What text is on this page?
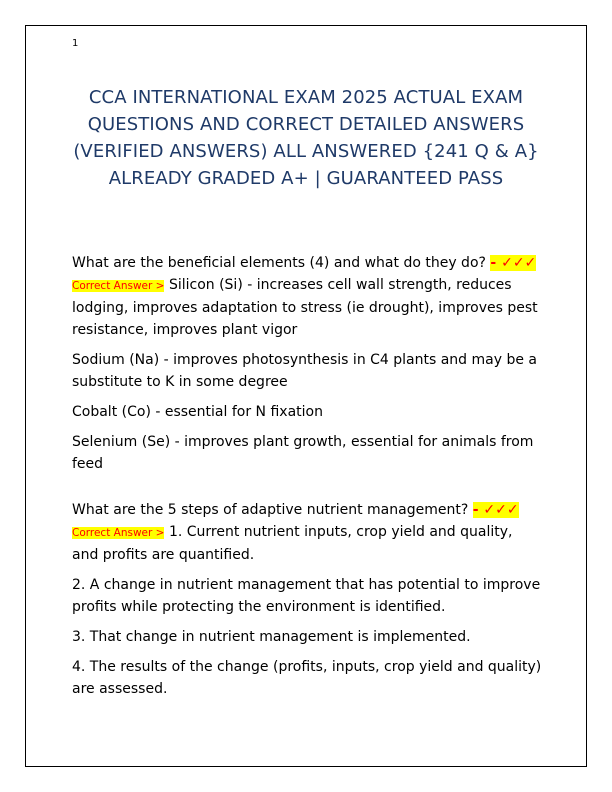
1
CCA INTERNATIONAL EXAM 2025 ACTUAL EXAM QUESTIONS AND CORRECT DETAILED ANSWERS (VERIFIED ANSWERS) ALL ANSWERED {241 Q & A} ALREADY GRADED A+ | GUARANTEED PASS

What are the beneficial elements (4) and what do they do? - ✓✓✓ Correct Answer > Silicon (Si) - increases cell wall strength, reduces lodging, improves adaptation to stress (ie drought), improves pest resistance, improves plant vigor

Sodium (Na) - improves photosynthesis in C4 plants and may be a substitute to K in some degree

Cobalt (Co) - essential for N fixation

Selenium (Se) - improves plant growth, essential for animals from feed

What are the 5 steps of adaptive nutrient management? - ✓✓✓ Correct Answer > 1. Current nutrient inputs, crop yield and quality, and profits are quantified.

2. A change in nutrient management that has potential to improve profits while protecting the environment is identified.

3. That change in nutrient management is implemented.

4. The results of the change (profits, inputs, crop yield and quality) are assessed.
